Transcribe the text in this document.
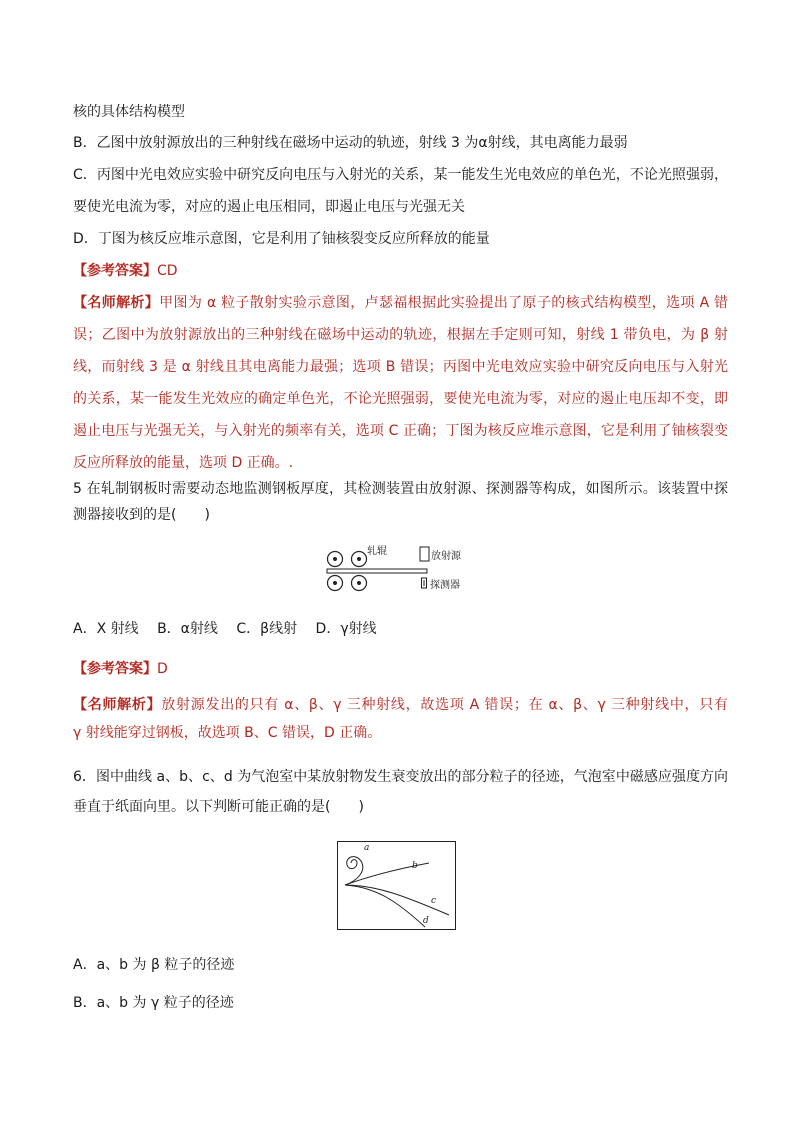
核的具体结构模型
B．乙图中放射源放出的三种射线在磁场中运动的轨迹，射线 3 为α射线，其电离能力最弱
C．丙图中光电效应实验中研究反向电压与入射光的关系，某一能发生光电效应的单色光，不论光照强弱，
要使光电流为零，对应的遏止电压相同，即遏止电压与光强无关
D．丁图为核反应堆示意图，它是利用了铀核裂变反应所释放的能量
【参考答案】CD
【名师解析】甲图为 α 粒子散射实验示意图，卢瑟福根据此实验提出了原子的核式结构模型，选项 A 错
误；乙图中为放射源放出的三种射线在磁场中运动的轨迹，根据左手定则可知，射线 1 带负电，为 β 射
线，而射线 3 是 α 射线且其电离能力最强；选项 B 错误；丙图中光电效应实验中研究反向电压与入射光
的关系，某一能发生光效应的确定单色光，不论光照强弱，要使光电流为零，对应的遏止电压却不变，即
遏止电压与光强无关，与入射光的频率有关，选项 C 正确；丁图为核反应堆示意图，它是利用了铀核裂变
反应所释放的能量，选项 D 正确。.
5 在轧制钢板时需要动态地监测钢板厚度，其检测装置由放射源、探测器等构成，如图所示。该装置中探
测器接收到的是(　　)
轧辊	放射源
探测器
A．X 射线 B．α射线 C．β线射 D．γ射线
【参考答案】D
【名师解析】放射源发出的只有 α、β、γ 三种射线，故选项 A 错误；在 α、β、γ 三种射线中，只有
γ 射线能穿过钢板，故选项 B、C 错误，D 正确。
6．图中曲线 a、b、c、d 为气泡室中某放射物发生衰变放出的部分粒子的径迹，气泡室中磁感应强度方向
垂直于纸面向里。以下判断可能正确的是(　　)
a
b
c
d
A．a、b 为 β 粒子的径迹
B．a、b 为 γ 粒子的径迹
